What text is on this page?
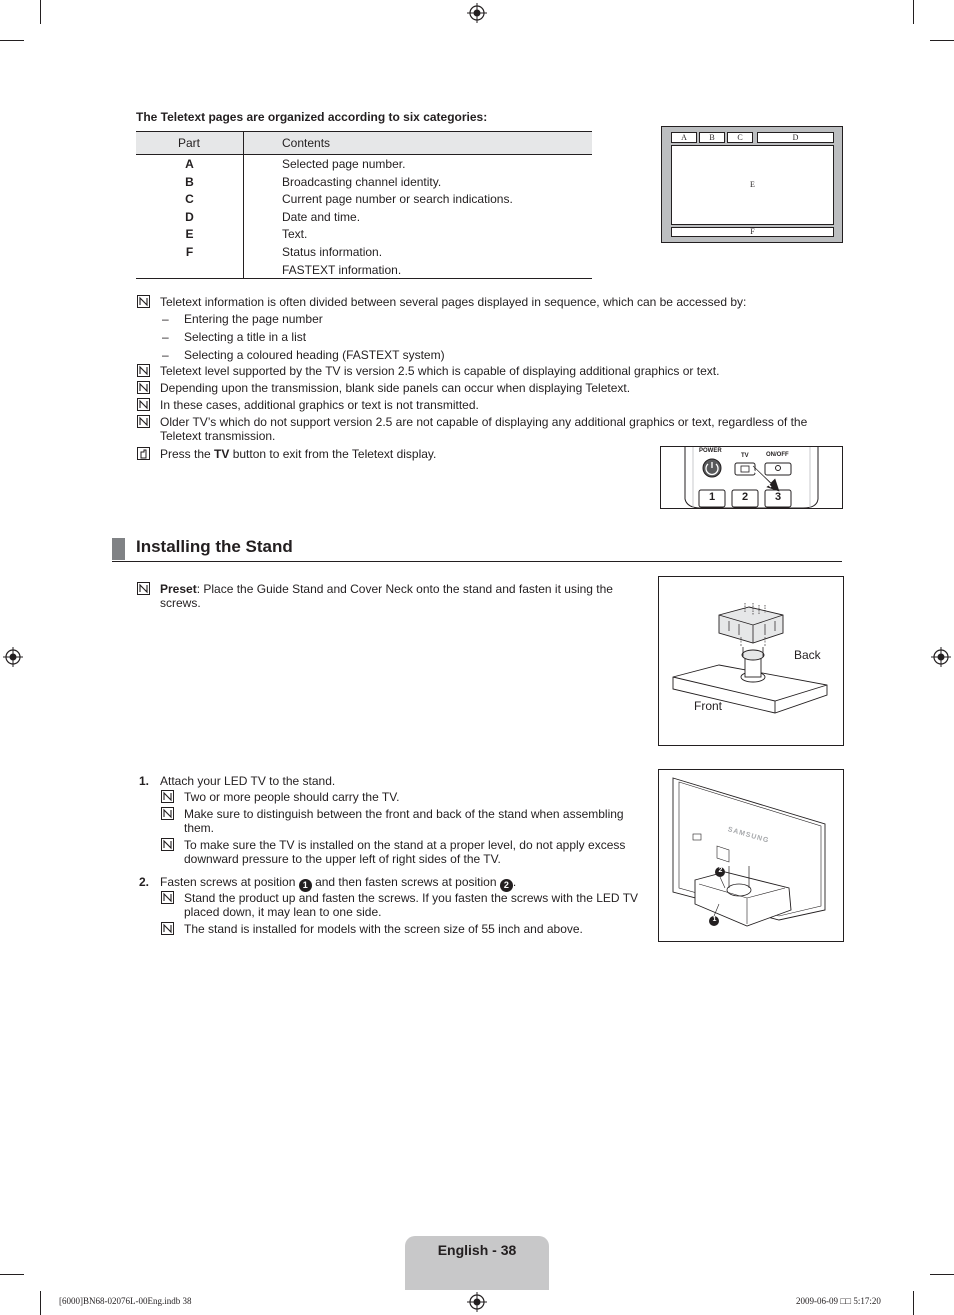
The Teletext pages are organized according to six categories:
Part	Contents
A	Selected page number.
B	Broadcasting channel identity.
C	Current page number or search indications.
D	Date and time.
E	Text.
F	Status information.
FASTEXT information.
A	B	C	D
E
F
Teletext information is often divided between several pages displayed in sequence, which can be accessed by:
– Entering the page number
– Selecting a title in a list
– Selecting a coloured heading (FASTEXT system)
Teletext level supported by the TV is version 2.5 which is capable of displaying additional graphics or text.
Depending upon the transmission, blank side panels can occur when displaying Teletext.
In these cases, additional graphics or text is not transmitted.
Older TV’s which do not support version 2.5 are not capable of displaying any additional graphics or text, regardless of the Teletext transmission.
Press the TV button to exit from the Teletext display.	POWER
TV	ON/OFF
1	2	3
Installing the Stand
Preset: Place the Guide Stand and Cover Neck onto the stand and fasten it using the screws.
Back
Front
1. Attach your LED TV to the stand.
Two or more people should carry the TV.
Make sure to distinguish between the front and back of the stand when assembling them.
To make sure the TV is installed on the stand at a proper level, do not apply excess downward pressure to the upper left of right sides of the TV.
2. Fasten screws at position 1 and then fasten screws at position 2 .
Stand the product up and fasten the screws. If you fasten the screws with the LED TV placed down, it may lean to one side.
The stand is installed for models with the screen size of 55 inch and above.
SAMSUNG
2
1
English - 38
[6000]BN68-02076L-00Eng.indb 38	2009-06-09 □□ 5:17:20
